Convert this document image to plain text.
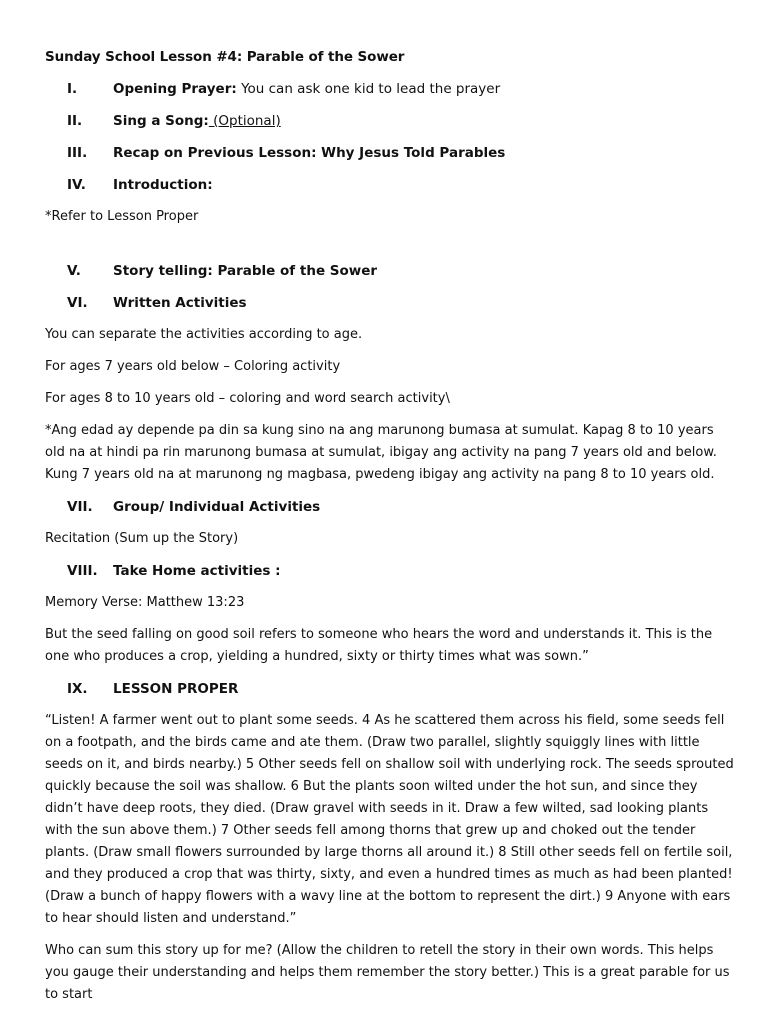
Sunday School Lesson #4: Parable of the Sower

I.	Opening Prayer: You can ask one kid to lead the prayer
II.	Sing a Song: (Optional)
III.	Recap on Previous Lesson: Why Jesus Told Parables
IV.	Introduction:

*Refer to Lesson Proper

V.	Story telling: Parable of the Sower
VI.	Written Activities

You can separate the activities according to age.

For ages 7 years old below – Coloring activity

For ages 8 to 10 years old – coloring and word search activity\

*Ang edad ay depende pa din sa kung sino na ang marunong bumasa at sumulat. Kapag 8 to 10 years old na at hindi pa rin marunong bumasa at sumulat, ibigay ang activity na pang 7 years old and below. Kung 7 years old na at marunong ng magbasa, pwedeng ibigay ang activity na pang 8 to 10 years old.

VII.	Group/ Individual Activities

Recitation (Sum up the Story)

VIII.	Take Home activities :

Memory Verse: Matthew 13:23

But the seed falling on good soil refers to someone who hears the word and understands it. This is the one who produces a crop, yielding a hundred, sixty or thirty times what was sown.”

IX.	LESSON PROPER

“Listen! A farmer went out to plant some seeds. 4 As he scattered them across his field, some seeds fell on a footpath, and the birds came and ate them. (Draw two parallel, slightly squiggly lines with little seeds on it, and birds nearby.) 5 Other seeds fell on shallow soil with underlying rock. The seeds sprouted quickly because the soil was shallow. 6 But the plants soon wilted under the hot sun, and since they didn’t have deep roots, they died. (Draw gravel with seeds in it. Draw a few wilted, sad looking plants with the sun above them.) 7 Other seeds fell among thorns that grew up and choked out the tender plants. (Draw small flowers surrounded by large thorns all around it.) 8 Still other seeds fell on fertile soil, and they produced a crop that was thirty, sixty, and even a hundred times as much as had been planted! (Draw a bunch of happy flowers with a wavy line at the bottom to represent the dirt.) 9 Anyone with ears to hear should listen and understand.”

Who can sum this story up for me? (Allow the children to retell the story in their own words. This helps you gauge their understanding and helps them remember the story better.) This is a great parable for us to start
